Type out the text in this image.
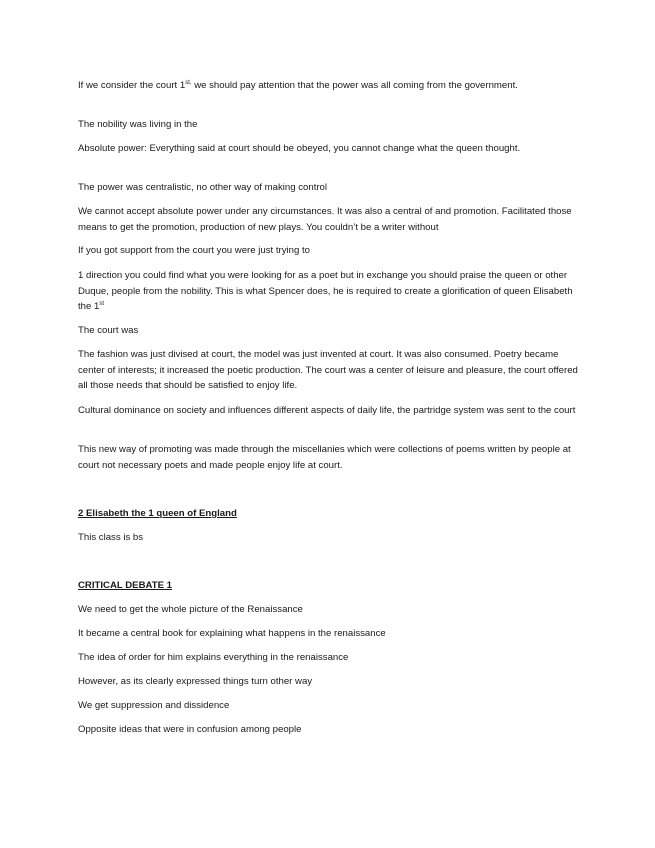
If we consider the court $1^{st,}$ we should pay attention that the power was all coming from the government.

The nobility was living in the

Absolute power: Everything said at court should be obeyed, you cannot change what the queen thought.

The power was centralistic, no other way of making control

We cannot accept absolute power under any circumstances. It was also a central of and promotion. Facilitated those means to get the promotion, production of new plays. You couldn’t be a writer without

If you got support from the court you were just trying to

1 direction you could find what you were looking for as a poet but in exchange you should praise the queen or other Duque, people from the nobility. This is what Spencer does, he is required to create a glorification of queen Elisabeth the 1st

The court was

The fashion was just divised at court, the model was just invented at court. It was also consumed. Poetry became center of interests; it increased the poetic production. The court was a center of leisure and pleasure, the court offered all those needs that should be satisfied to enjoy life.

Cultural dominance on society and influences different aspects of daily life, the partridge system was sent to the court

This new way of promoting was made through the miscellanies which were collections of poems written by people at court not necessary poets and made people enjoy life at court.

2 Elisabeth the 1 queen of England

This class is bs

CRITICAL DEBATE 1

We need to get the whole picture of the Renaissance

It became a central book for explaining what happens in the renaissance

The idea of order for him explains everything in the renaissance

However, as its clearly expressed things turn other way

We get suppression and dissidence

Opposite ideas that were in confusion among people
